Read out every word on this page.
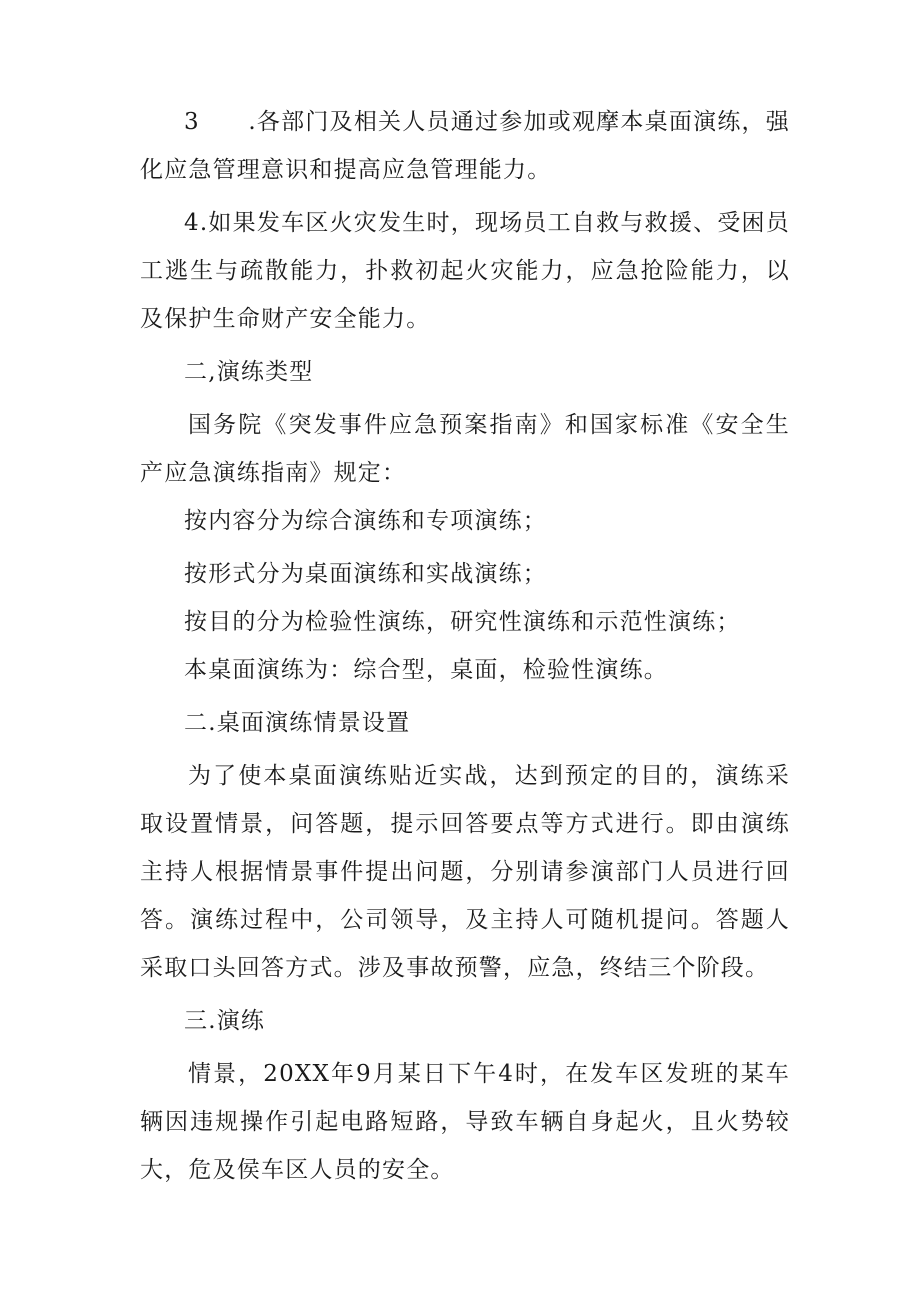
3　　.各部门及相关人员通过参加或观摩本桌面演练，强化应急管理意识和提高应急管理能力。

4.如果发车区火灾发生时，现场员工自救与救援、受困员工逃生与疏散能力，扑救初起火灾能力，应急抢险能力，以及保护生命财产安全能力。

二,演练类型

国务院《突发事件应急预案指南》和国家标准《安全生产应急演练指南》规定：

按内容分为综合演练和专项演练；

按形式分为桌面演练和实战演练；

按目的分为检验性演练，研究性演练和示范性演练；

本桌面演练为：综合型，桌面，检验性演练。

二.桌面演练情景设置

为了使本桌面演练贴近实战，达到预定的目的，演练采取设置情景，问答题，提示回答要点等方式进行。即由演练主持人根据情景事件提出问题，分别请参演部门人员进行回答。演练过程中，公司领导，及主持人可随机提问。答题人采取口头回答方式。涉及事故预警，应急，终结三个阶段。

三.演练

情景，20XX年9月某日下午4时，在发车区发班的某车辆因违规操作引起电路短路，导致车辆自身起火，且火势较大，危及侯车区人员的安全。
